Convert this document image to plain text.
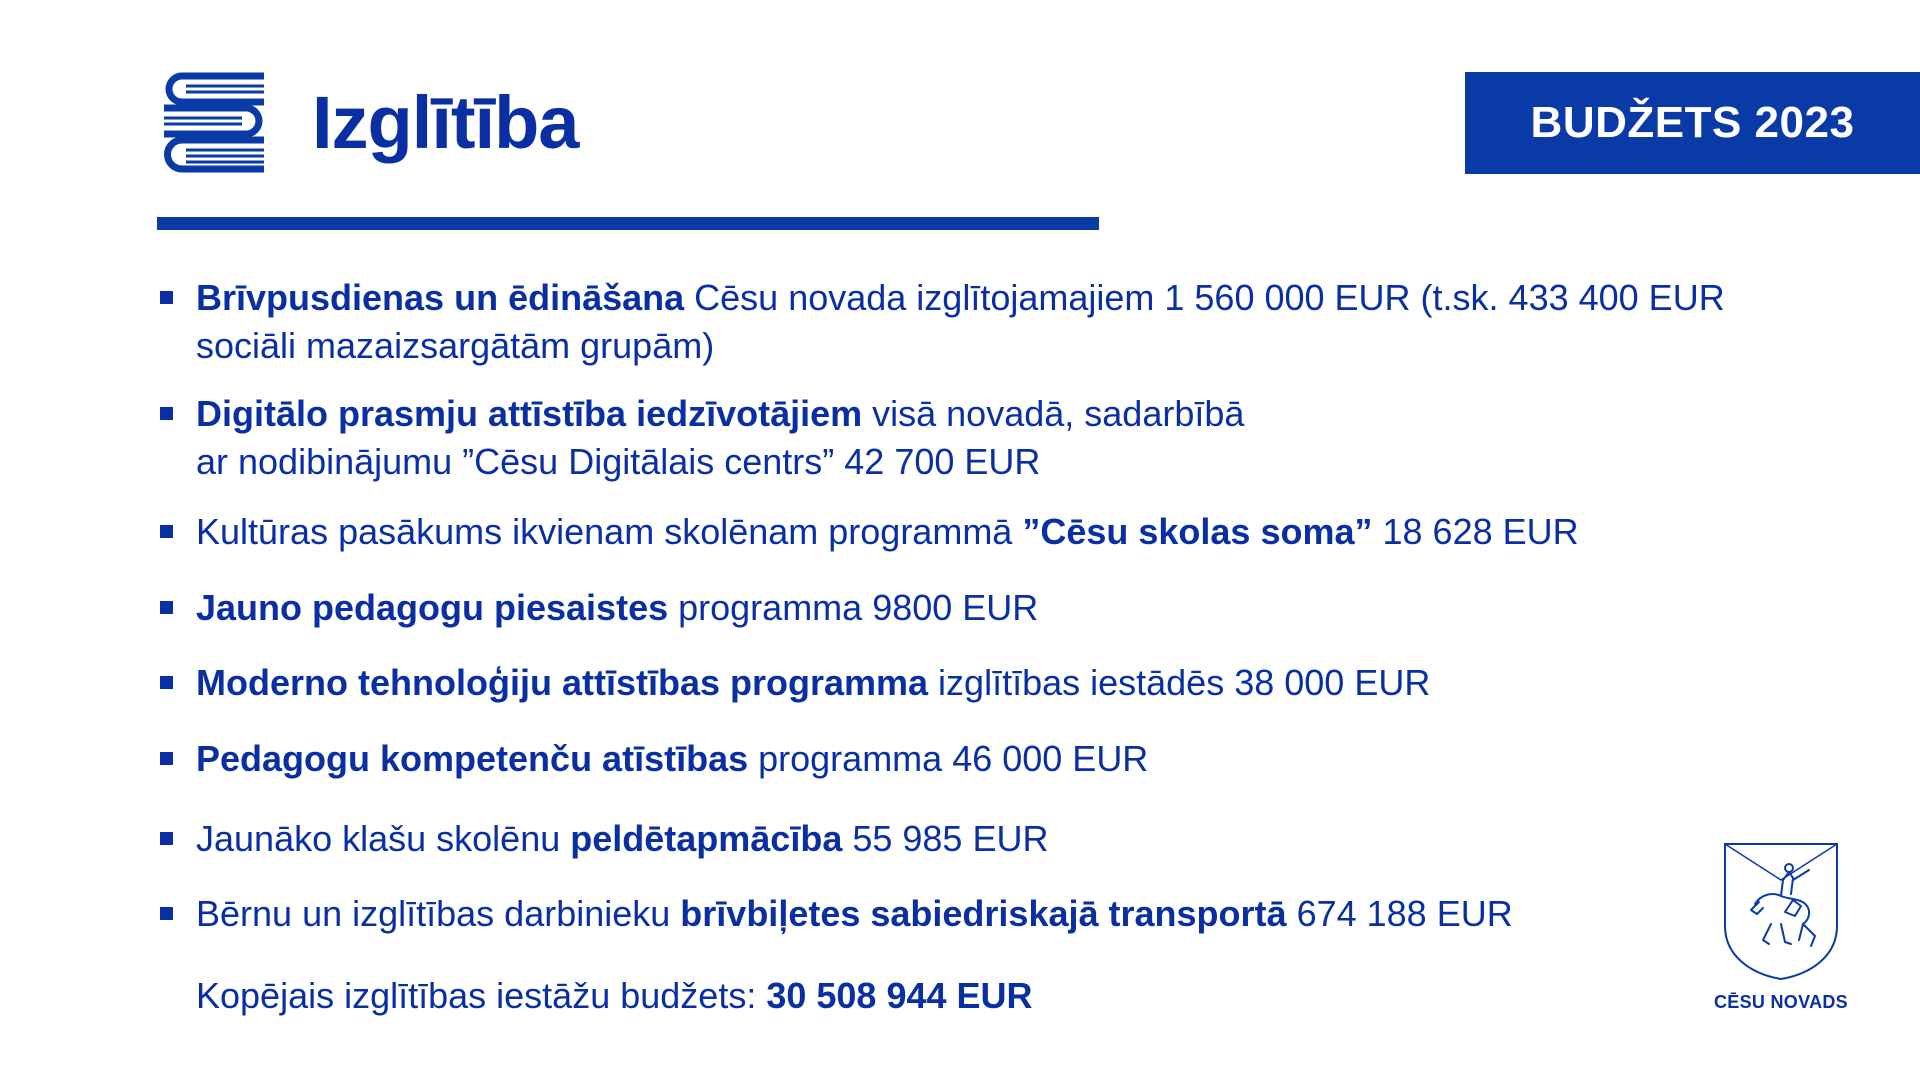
Izglītība	BUDŽETS 2023
Brīvpusdienas un ēdināšana Cēsu novada izglītojamajiem 1 560 000 EUR (t.sk. 433 400 EUR
sociāli mazaizsargātām grupām)
Digitālo prasmju attīstība iedzīvotājiem visā novadā, sadarbībā
ar nodibinājumu ”Cēsu Digitālais centrs” 42 700 EUR
Kultūras pasākums ikvienam skolēnam programmā ”Cēsu skolas soma” 18 628 EUR
Jauno pedagogu piesaistes programma 9800 EUR
Moderno tehnoloģiju attīstības programma izglītības iestādēs 38 000 EUR
Pedagogu kompetenču atīstības programma 46 000 EUR
Jaunāko klašu skolēnu peldētapmācība 55 985 EUR
Bērnu un izglītības darbinieku brīvbiļetes sabiedriskajā transportā 674 188 EUR
Kopējais izglītības iestāžu budžets: 30 508 944 EUR	CĒSU NOVADS
